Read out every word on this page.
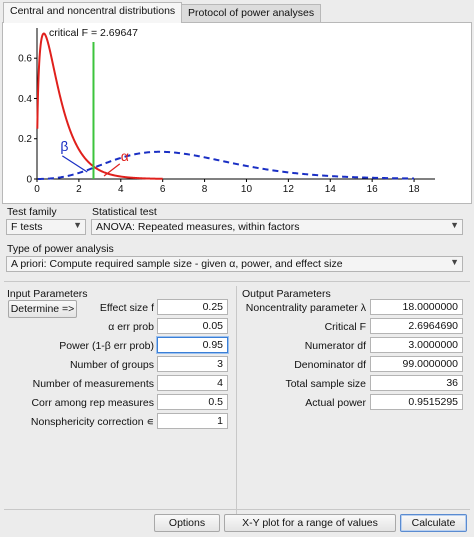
Central and noncentral distributions	Protocol of power analyses
0	2	4	6	8	10	12	14	16	18
0
0.2
0.4
0.6
critical F = 2.69647
β
α
Test family
F tests	▼
Statistical test
ANOVA: Repeated measures, within factors	▼
Type of power analysis
A priori: Compute required sample size - given α, power, and effect size	▼
Input Parameters
Determine =>	Effect size f	0.25
α err prob	0.05
Power (1-β err prob)	0.95
Number of groups	3
Number of measurements	4
Corr among rep measures	0.5
Nonsphericity correction ∊	1
Output Parameters
Noncentrality parameter λ	18.0000000
Critical F	2.6964690
Numerator df	3.0000000
Denominator df	99.0000000
Total sample size	36
Actual power	0.9515295
Options	X-Y plot for a range of values	Calculate
